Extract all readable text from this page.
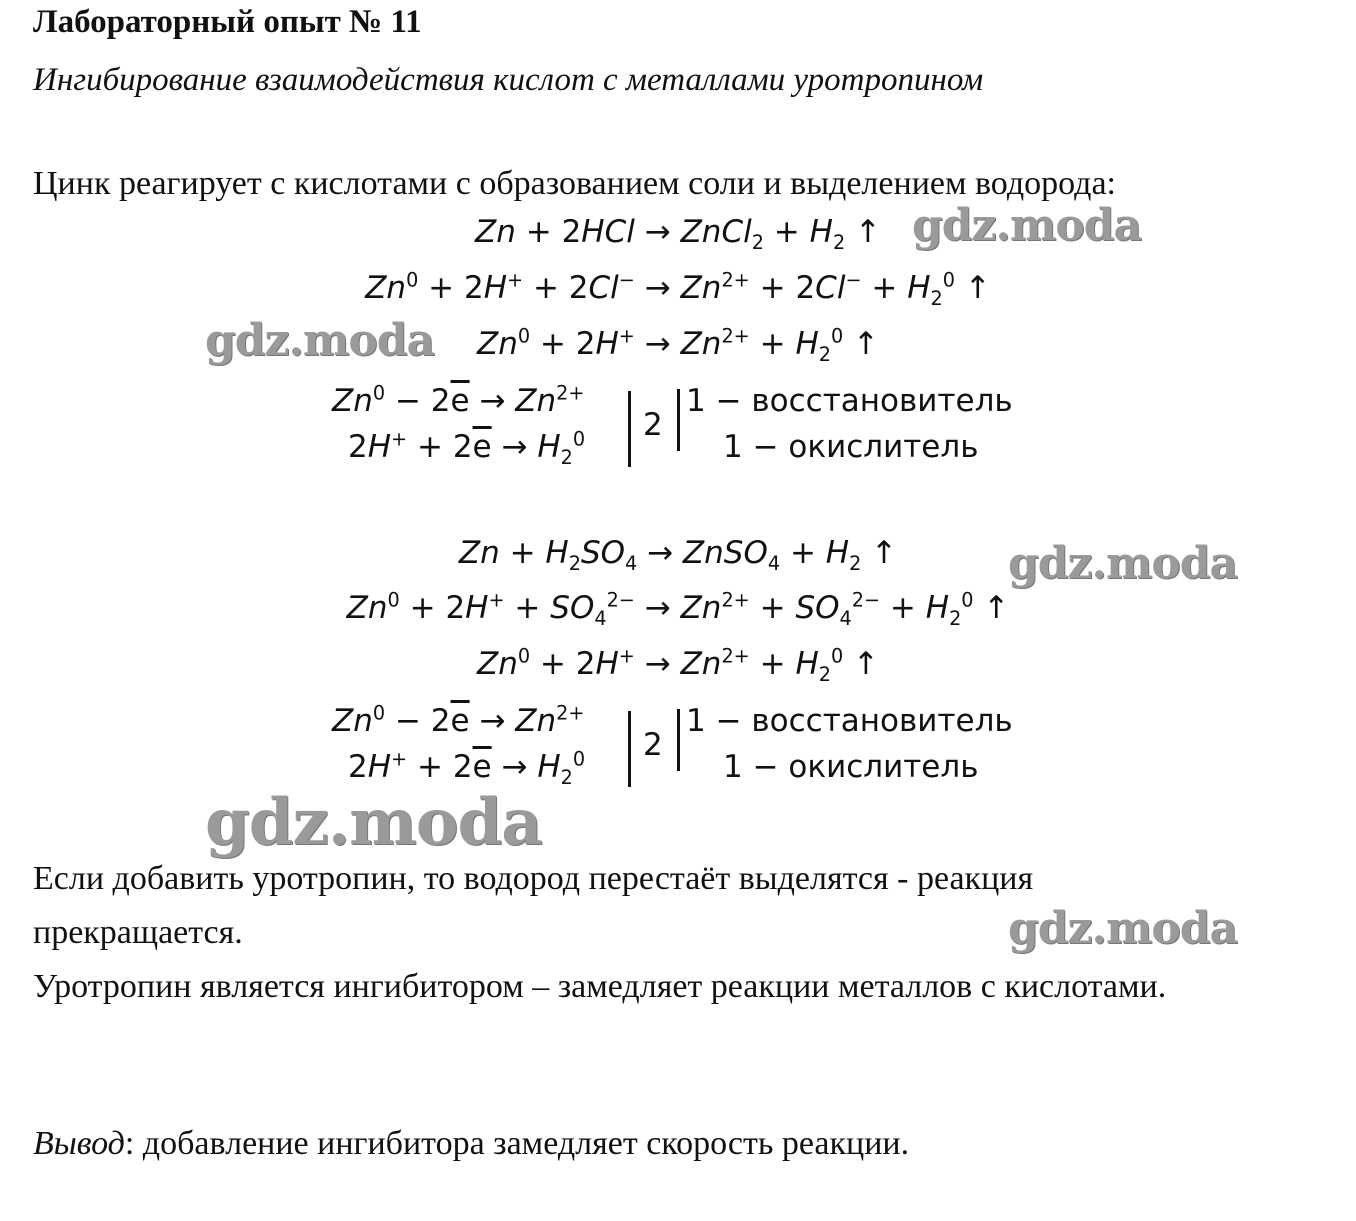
Лабораторный опыт № 11
Ингибирование взаимодействия кислот с металлами уротропином
Цинк реагирует с кислотами с образованием соли и выделением водорода:
Zn + 2HCl → ZnCl$_2$ + $H_2$ ↑
$Zn^0 + 2H^+ + 2Cl^- \to Zn^{2+} + 2Cl^- + H_2^0$ ↑
$Zn^0 + 2H^+ \to Zn^{2+} + H_2^0$ ↑
$Zn^0 - 2\overline{e} \to Zn^{2+}$
$2H^+ + 2\overline{e} \to H_2^0$ 2
1 − восстановитель
1 − окислитель
$Zn + H_2SO_4$ → ZnSO$_4$ + $H_2$ ↑
$Zn^0 + 2H^+ + SO_4^{2-} \to Zn^{2+} + SO_4^{2-} + H_2^0$ ↑
$Zn^0 + 2H^+ \to Zn^{2+} + H_2^0$ ↑
$Zn^0 - 2\overline{e} \to Zn^{2+}$
$2H^+ + 2\overline{e} \to H_2^0$ 2
1 − восстановитель
1 − окислитель
gdz.moda
gdz.moda
gdz.moda
gdz.moda
gdz.moda
Если добавить уротропин, то водород перестаёт выделятся - реакция прекращается.
Уротропин является ингибитором – замедляет реакции металлов с кислотами.
Вывод: добавление ингибитора замедляет скорость реакции.
